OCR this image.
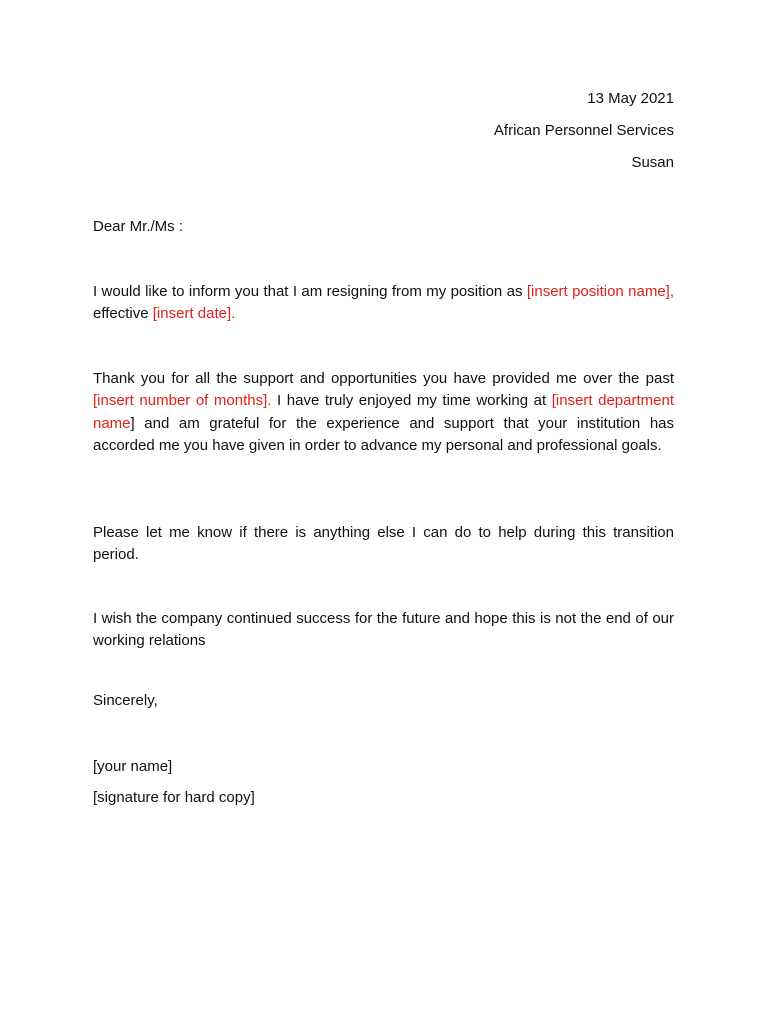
13 May 2021
African Personnel Services
Susan
Dear Mr./Ms :
I would like to inform you that I am resigning from my position as [insert position name], effective [insert date].
Thank you for all the support and opportunities you have provided me over the past [insert number of months]. I have truly enjoyed my time working at [insert department name] and am grateful for the experience and support that your institution has accorded me you have given in order to advance my personal and professional goals.
Please let me know if there is anything else I can do to help during this transition period.
I wish the company continued success for the future and hope this is not the end of our working relations
Sincerely,
[your name]
[signature for hard copy]
